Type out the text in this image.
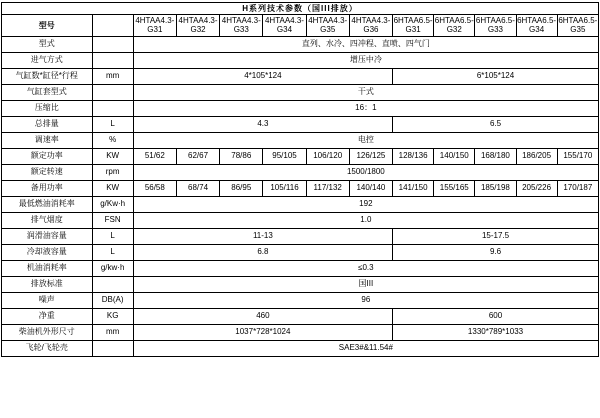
H系列技术参数（国III排放）												
型号		4HTAA4.3-G31	4HTAA4.3-G32	4HTAA4.3-G33	4HTAA4.3-G34	4HTAA4.3-G35	4HTAA4.3-G36	6HTAA6.5-G31	6HTAA6.5-G32	6HTAA6.5-G33	6HTAA6.5-G34	6HTAA6.5-G35
型式		直列、水冷、四冲程、直喷、四气门										
进气方式		增压中冷										
气缸数*缸径*行程	mm	4*105*124						6*105*124				
气缸套型式		干式										
压缩比		16：1										
总排量	L	4.3						6.5				
调速率	%	电控										
额定功率	KW	51/62	62/67	78/86	95/105	106/120	126/125	128/136	140/150	168/180	186/205	155/170
额定转速	rpm	1500/1800										
备用功率	KW	56/58	68/74	86/95	105/116	117/132	140/140	141/150	155/165	185/198	205/226	170/187
最低燃油消耗率	g/Kw·h	192										
排气烟度	FSN	1.0										
润滑油容量	L	11-13						15-17.5				
冷却液容量	L	6.8						9.6				
机油消耗率	g/kw·h	≤0.3										
排放标准		国III										
噪声	DB(A)	96										
净重	KG	460						600				
柴油机外形尺寸	mm	1037*728*1024						1330*789*1033				
飞轮/飞轮壳		SAE3#&11.54#										
